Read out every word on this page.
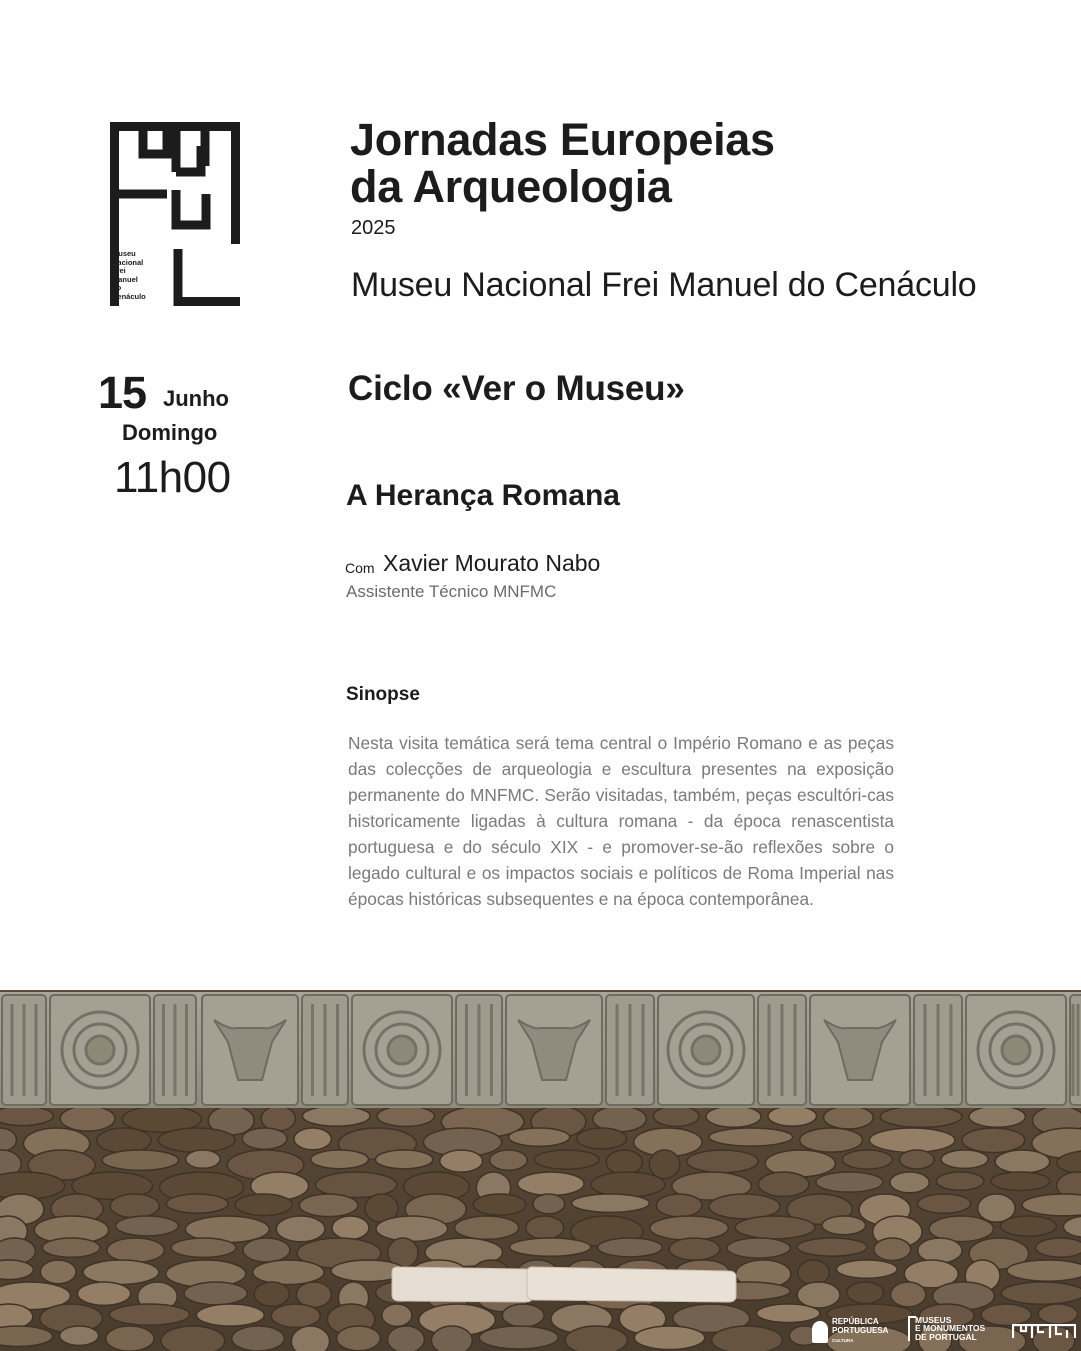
Museu
Nacional
Frei
Manuel
do
Cenáculo
Jornadas Europeias
da Arqueologia
2025
Museu Nacional Frei Manuel do Cenáculo
15 Junho
Domingo
11h00
Ciclo «Ver o Museu»
A Herança Romana
Com Xavier Mourato Nabo
Assistente Técnico MNFMC
Sinopse

Nesta visita temática será tema central o Império Romano e as peças das colecções de arqueologia e escultura presentes na exposição permanente do MNFMC. Serão visitadas, também, peças escultóri-cas historicamente ligadas à cultura romana - da época renascentista portuguesa e do século XIX - e promover-se-ão reflexões sobre o legado cultural e os impactos sociais e políticos de Roma Imperial nas épocas históricas subsequentes e na época contemporânea.

REPÚBLICA
PORTUGUESA
CULTURA
MUSEUS
E MONUMENTOS
DE PORTUGAL
